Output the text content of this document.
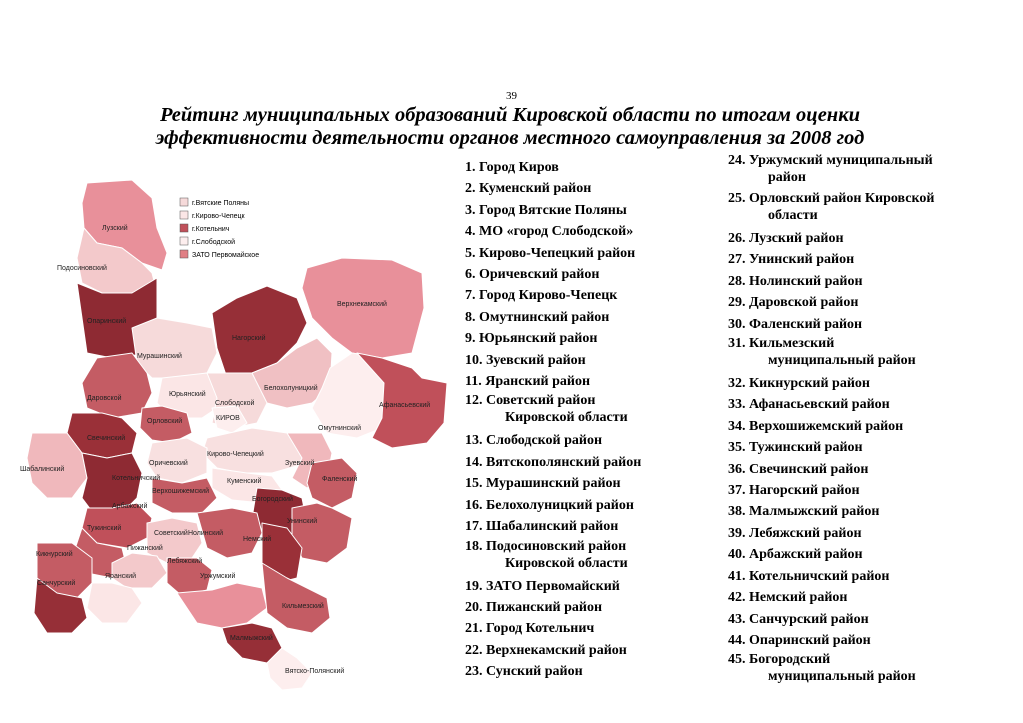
39
Рейтинг муниципальных образований Кировской области по итогам оценки
эффективности деятельности органов местного самоуправления за 2008 год
г.Вятские Поляны
г.Кирово-Чепецк
г.Котельнич
г.Слободской
ЗАТО Первомайское
Лузский
Подосиновский
Опаринский
Верхнекамский
Нагорский
Мурашинский
Юрьянский
Белохолуницкий
Даровской
Афанасьевский
Слободской
КИРОВ
Орловский
Омутнинский
Свечинский
Кирово-Чепецкий
Шабалинский
Оричевский	Зуевский
Котельничский	Куменский	Фаленский
Верхошижемский
Арбажский
Богородский
Тужинский
Унинский
Советский Нолинский
Немский
Кикнурский
Пижанский
Лебяжский
Санчурский
Яранский	Уржумский
Кильмезский
Малмыжский
Вятско-Полянский
1. Город Киров
2. Куменский район
3. Город Вятские Поляны
4. МО «город Слободской»
5. Кирово-Чепецкий район
6. Оричевский район
7. Город Кирово-Чепецк
8. Омутнинский район
9. Юрьянский район
10. Зуевский район
11. Яранский район
12. Советский район
Кировской области
13. Слободской район
14. Вятскополянский район
15. Мурашинский район
16. Белохолуницкий район
17. Шабалинский район
18. Подосиновский район
Кировской области
19. ЗАТО Первомайский
20. Пижанский район
21. Город Котельнич
22. Верхнекамский район
23. Сунский район
24. Уржумский муниципальный
район
25. Орловский район Кировской
области
26. Лузский район
27. Унинский район
28. Нолинский район
29. Даровской район
30. Фаленский район
31. Кильмезский
муниципальный район
32. Кикнурский район
33. Афанасьевский район
34. Верхошижемский район
35. Тужинский район
36. Свечинский район
37. Нагорский район
38. Малмыжский район
39. Лебяжский район
40. Арбажский район
41. Котельничский район
42. Немский район
43. Санчурский район
44. Опаринский район
45. Богородский
муниципальный район
